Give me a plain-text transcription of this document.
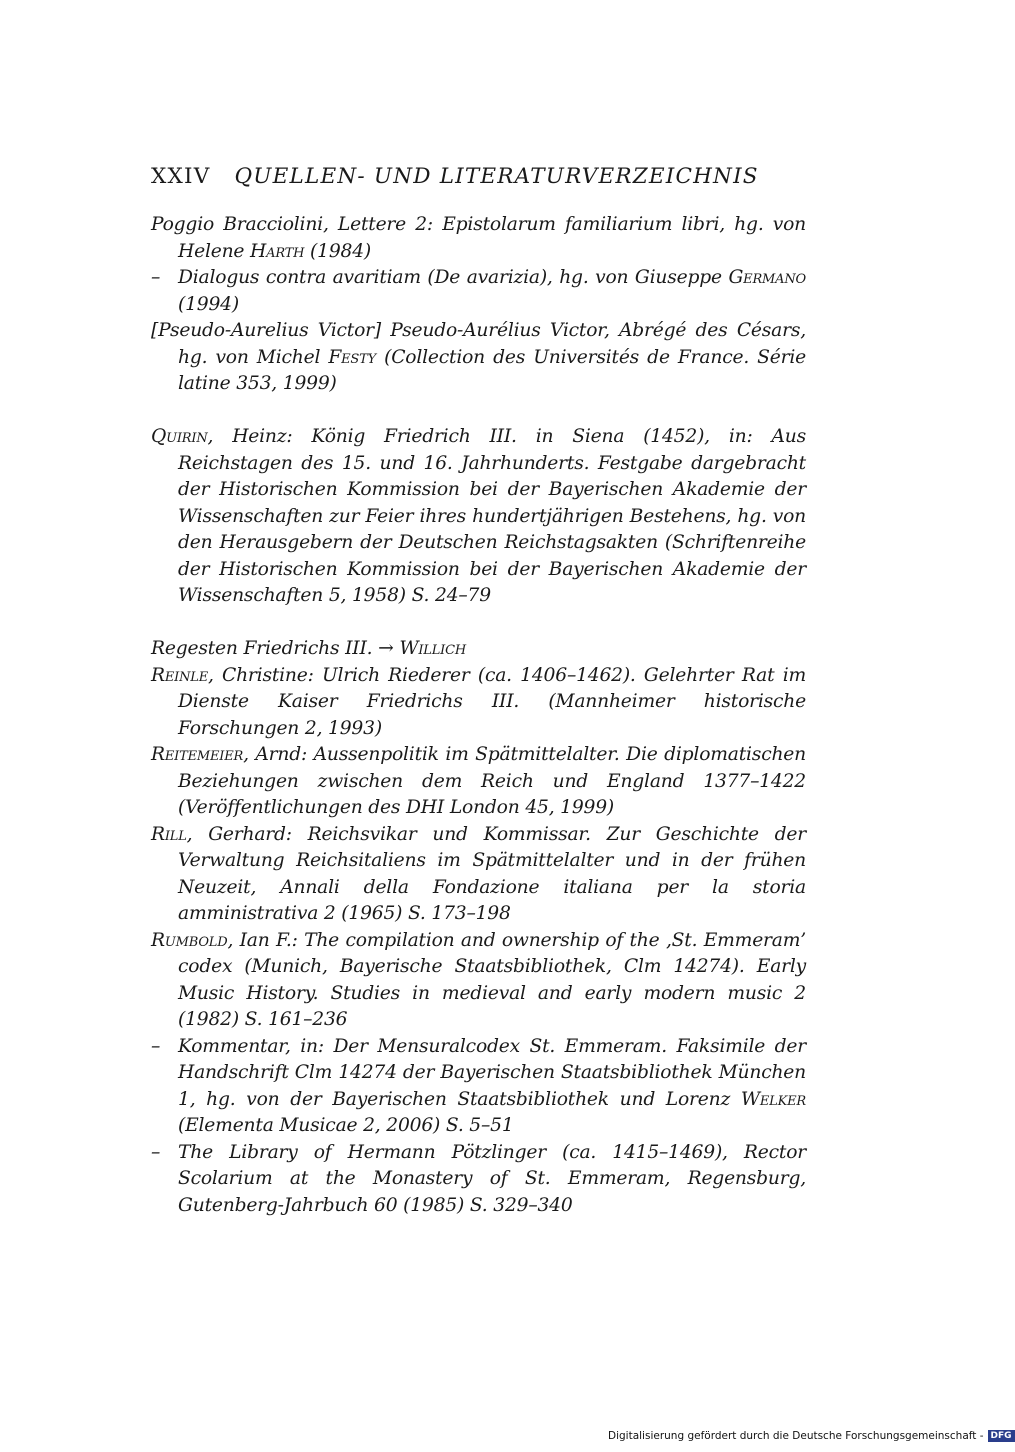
XXIV QUELLEN- UND LITERATURVERZEICHNIS
Poggio Bracciolini, Lettere 2: Epistolarum familiarium libri, hg. von Helene Harth (1984)
– Dialogus contra avaritiam (De avarizia), hg. von Giuseppe Germano (1994)
[Pseudo-Aurelius Victor] Pseudo-Aurélius Victor, Abrégé des Césars, hg. von Michel Festy (Collection des Universités de France. Série latine 353, 1999)
Quirin, Heinz: König Friedrich III. in Siena (1452), in: Aus Reichstagen des 15. und 16. Jahrhunderts. Festgabe dargebracht der Historischen Kommission bei der Bayerischen Akademie der Wissenschaften zur Feier ihres hundertjährigen Bestehens, hg. von den Herausgebern der Deutschen Reichstagsakten (Schriftenreihe der Historischen Kommission bei der Bayerischen Akademie der Wissenschaften 5, 1958) S. 24–79
Regesten Friedrichs III. → Willich
Reinle, Christine: Ulrich Riederer (ca. 1406–1462). Gelehrter Rat im Dienste Kaiser Friedrichs III. (Mannheimer historische Forschungen 2, 1993)
Reitemeier, Arnd: Aussenpolitik im Spätmittelalter. Die diplomatischen Beziehungen zwischen dem Reich und England 1377–1422 (Veröffentlichungen des DHI London 45, 1999)
Rill, Gerhard: Reichsvikar und Kommissar. Zur Geschichte der Verwaltung Reichsitaliens im Spätmittelalter und in der frühen Neuzeit, Annali della Fondazione italiana per la storia amministrativa 2 (1965) S. 173–198
Rumbold, Ian F.: The compilation and ownership of the ‚St. Emmeram’ codex (Munich, Bayerische Staatsbibliothek, Clm 14274). Early Music History. Studies in medieval and early modern music 2 (1982) S. 161–236
– Kommentar, in: Der Mensuralcodex St. Emmeram. Faksimile der Handschrift Clm 14274 der Bayerischen Staatsbibliothek München 1, hg. von der Bayerischen Staatsbibliothek und Lorenz Welker (Elementa Musicae 2, 2006) S. 5–51
– The Library of Hermann Pötzlinger (ca. 1415–1469), Rector Scolarium at the Monastery of St. Emmeram, Regensburg, Gutenberg-Jahrbuch 60 (1985) S. 329–340
Digitalisierung gefördert durch die Deutsche Forschungsgemeinschaft - DFG
